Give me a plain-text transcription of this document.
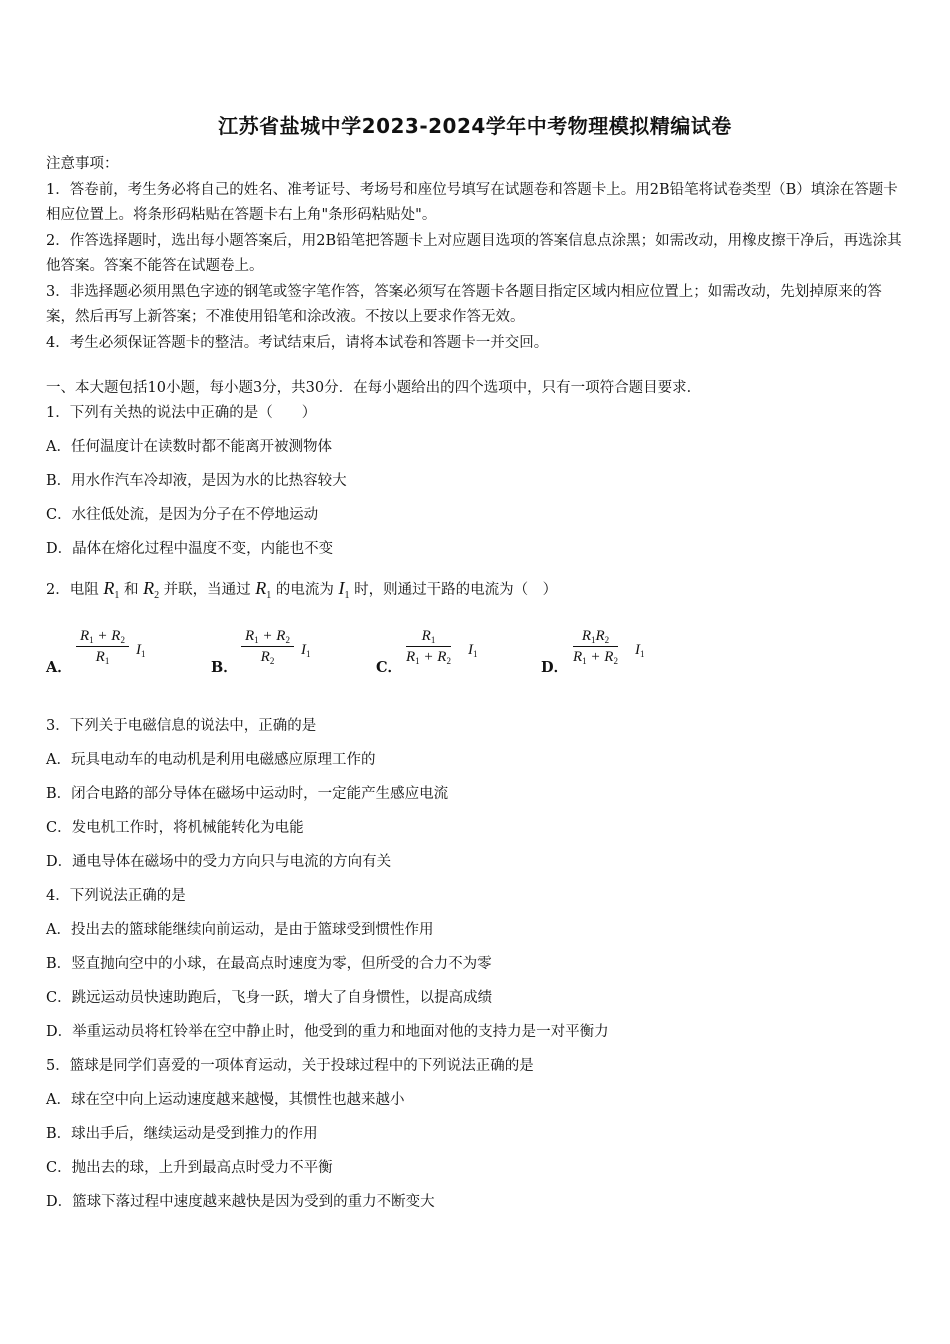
江苏省盐城中学2023-2024学年中考物理模拟精编试卷

注意事项：

1．答卷前，考生务必将自己的姓名、准考证号、考场号和座位号填写在试题卷和答题卡上。用2B铅笔将试卷类型（B）填涂在答题卡相应位置上。将条形码粘贴在答题卡右上角"条形码粘贴处"。

2．作答选择题时，选出每小题答案后，用2B铅笔把答题卡上对应题目选项的答案信息点涂黑；如需改动，用橡皮擦干净后，再选涂其他答案。答案不能答在试题卷上。

3．非选择题必须用黑色字迹的钢笔或签字笔作答，答案必须写在答题卡各题目指定区域内相应位置上；如需改动，先划掉原来的答案，然后再写上新答案；不准使用铅笔和涂改液。不按以上要求作答无效。

4．考生必须保证答题卡的整洁。考试结束后，请将本试卷和答题卡一并交回。

一、本大题包括10小题，每小题3分，共30分．在每小题给出的四个选项中，只有一项符合题目要求．
1．下列有关热的说法中正确的是（　　）
A．任何温度计在读数时都不能离开被测物体
B．用水作汽车冷却液，是因为水的比热容较大
C．水往低处流，是因为分子在不停地运动
D．晶体在熔化过程中温度不变，内能也不变
2．电阻 $R_1$ 和 $R_2$ 并联，当通过 $R_1$ 的电流为 $I_1$ 时，则通过干路的电流为（　）
A．
$\frac{R_1 + R_2}{R_1} I_1$
B．
$\frac{R_1 + R_2}{R_2} I_1$
C．
$\frac{R_1}{R_1 + R_2} I_1$
D．
$\frac{R_1R_2}{R_1 + R_2} I_1$
3．下列关于电磁信息的说法中，正确的是
A．玩具电动车的电动机是利用电磁感应原理工作的
B．闭合电路的部分导体在磁场中运动时，一定能产生感应电流
C．发电机工作时，将机械能转化为电能
D．通电导体在磁场中的受力方向只与电流的方向有关
4．下列说法正确的是
A．投出去的篮球能继续向前运动，是由于篮球受到惯性作用
B．竖直抛向空中的小球，在最高点时速度为零，但所受的合力不为零
C．跳远运动员快速助跑后，飞身一跃，增大了自身惯性，以提高成绩
D．举重运动员将杠铃举在空中静止时，他受到的重力和地面对他的支持力是一对平衡力
5．篮球是同学们喜爱的一项体育运动，关于投球过程中的下列说法正确的是
A．球在空中向上运动速度越来越慢，其惯性也越来越小
B．球出手后，继续运动是受到推力的作用
C．抛出去的球，上升到最高点时受力不平衡
D．篮球下落过程中速度越来越快是因为受到的重力不断变大
